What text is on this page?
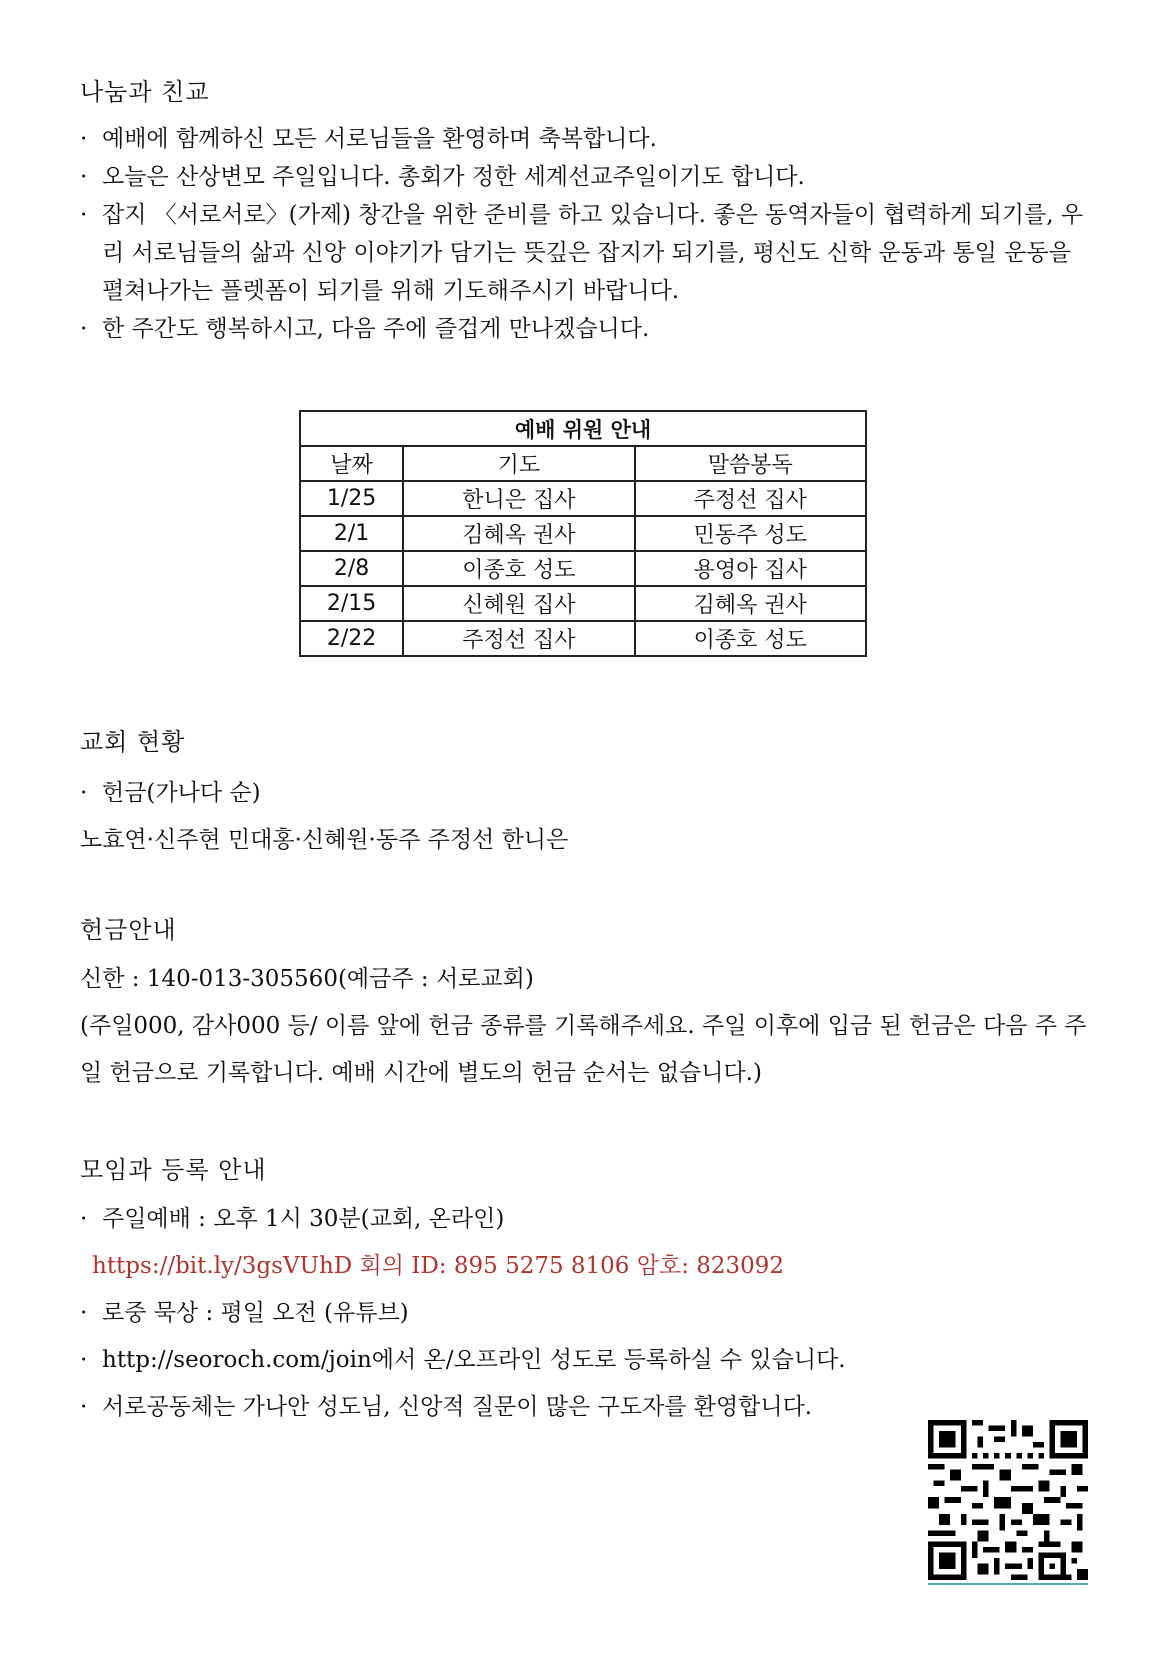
나눔과 친교
· 예배에 함께하신 모든 서로님들을 환영하며 축복합니다.
· 오늘은 산상변모 주일입니다. 총회가 정한 세계선교주일이기도 합니다.
· 잡지 〈서로서로〉(가제) 창간을 위한 준비를 하고 있습니다. 좋은 동역자들이 협력하게 되기를, 우리 서로님들의 삶과 신앙 이야기가 담기는 뜻깊은 잡지가 되기를, 평신도 신학 운동과 통일 운동을 펼쳐나가는 플렛폼이 되기를 위해 기도해주시기 바랍니다.
· 한 주간도 행복하시고, 다음 주에 즐겁게 만나겠습니다.
예배 위원 안내		
날짜	기도	말씀봉독
1/25	한니은 집사	주정선 집사
2/1	김혜옥 권사	민동주 성도
2/8	이종호 성도	용영아 집사
2/15	신혜원 집사	김혜옥 권사
2/22	주정선 집사	이종호 성도
교회 현황
· 헌금(가나다 순)
노효연·신주현 민대홍·신혜원·동주 주정선 한니은
헌금안내
신한 : 140-013-305560(예금주 : 서로교회)
(주일000, 감사000 등/ 이름 앞에 헌금 종류를 기록해주세요. 주일 이후에 입금 된 헌금은 다음 주 주일 헌금으로 기록합니다. 예배 시간에 별도의 헌금 순서는 없습니다.)
모임과 등록 안내
· 주일예배 : 오후 1시 30분(교회, 온라인)
https://bit.ly/3gsVUhD 회의 ID: 895 5275 8106 암호: 823092
· 로중 묵상 : 평일 오전 (유튜브)
· http://seoroch.com/join에서 온/오프라인 성도로 등록하실 수 있습니다.
· 서로공동체는 가나안 성도님, 신앙적 질문이 많은 구도자를 환영합니다.
